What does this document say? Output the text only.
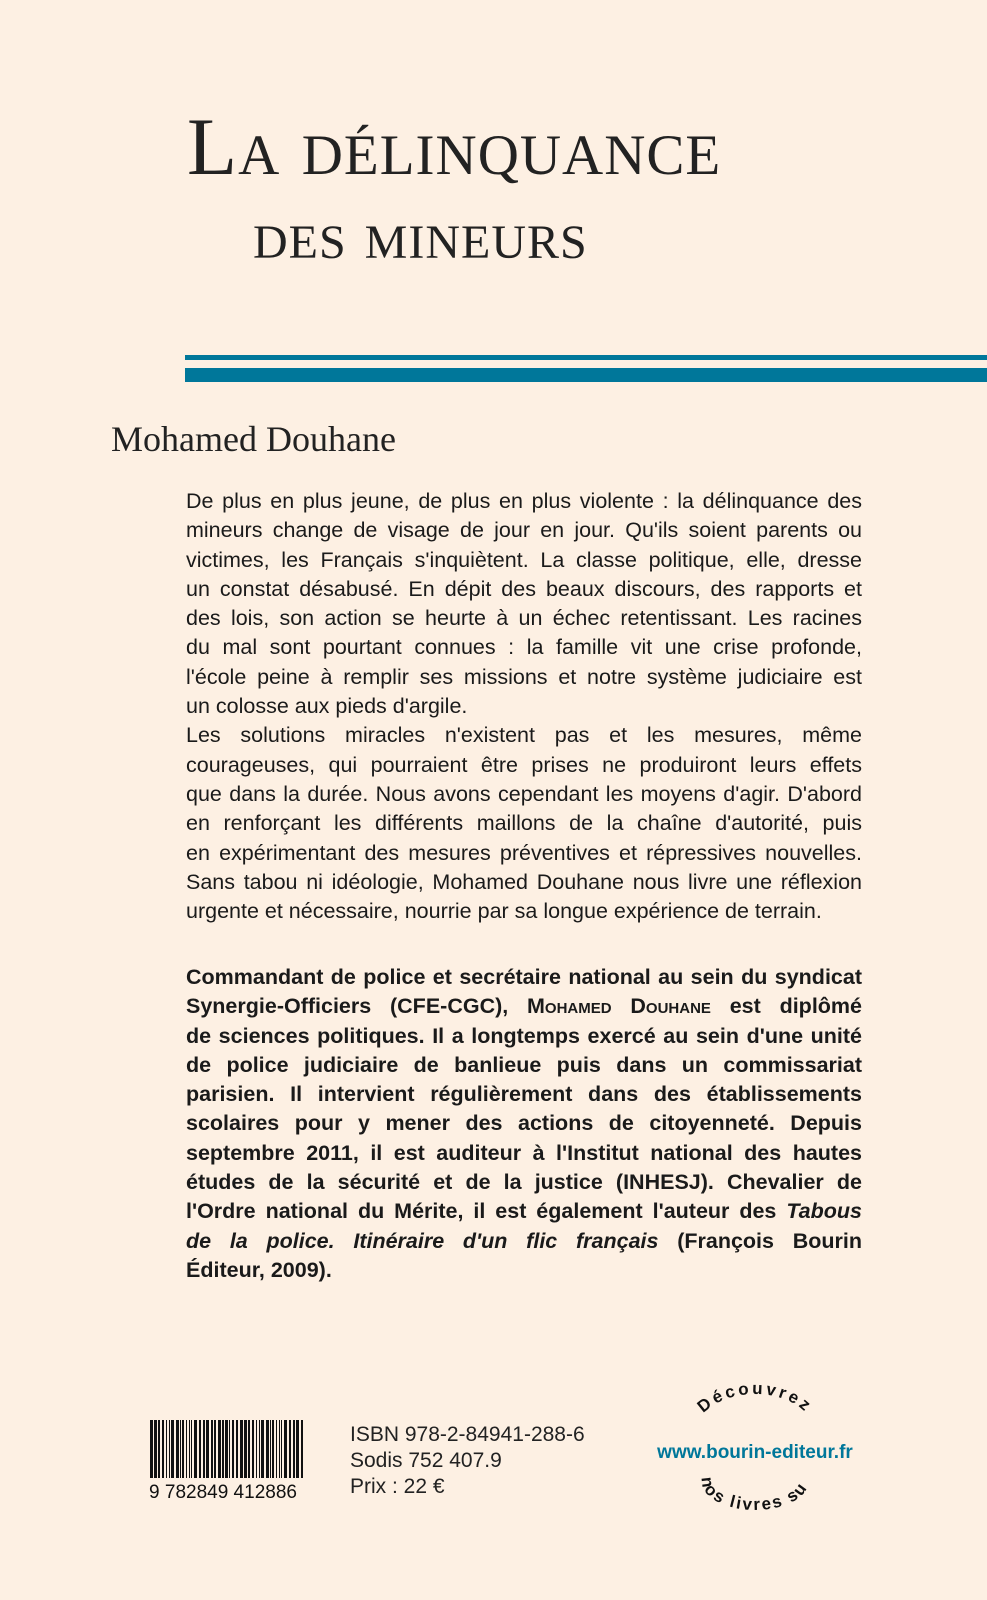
La délinquance
des mineurs
Mohamed Douhane
De plus en plus jeune, de plus en plus violente : la délinquance des
mineurs change de visage de jour en jour. Qu'ils soient parents ou
victimes, les Français s'inquiètent. La classe politique, elle, dresse
un constat désabusé. En dépit des beaux discours, des rapports et
des lois, son action se heurte à un échec retentissant. Les racines
du mal sont pourtant connues : la famille vit une crise profonde,
l'école peine à remplir ses missions et notre système judiciaire est
un colosse aux pieds d'argile.
Les solutions miracles n'existent pas et les mesures, même
courageuses, qui pourraient être prises ne produiront leurs effets
que dans la durée. Nous avons cependant les moyens d'agir. D'abord
en renforçant les différents maillons de la chaîne d'autorité, puis
en expérimentant des mesures préventives et répressives nouvelles.
Sans tabou ni idéologie, Mohamed Douhane nous livre une réflexion
urgente et nécessaire, nourrie par sa longue expérience de terrain.
Commandant de police et secrétaire national au sein du syndicat
Synergie-Officiers (CFE-CGC), Mohamed Douhane est diplômé
de sciences politiques. Il a longtemps exercé au sein d'une unité
de police judiciaire de banlieue puis dans un commissariat
parisien. Il intervient régulièrement dans des établissements
scolaires pour y mener des actions de citoyenneté. Depuis
septembre 2011, il est auditeur à l'Institut national des hautes
études de la sécurité et de la justice (INHESJ). Chevalier de
l'Ordre national du Mérite, il est également l'auteur des Tabous
de la police. Itinéraire d'un flic français (François Bourin
Éditeur, 2009).
9 782849 412886
ISBN 978-2-84941-288-6
Sodis 752 407.9
Prix : 22 €
Découvrez
www.bourin-editeur.fr
nos livres sur
